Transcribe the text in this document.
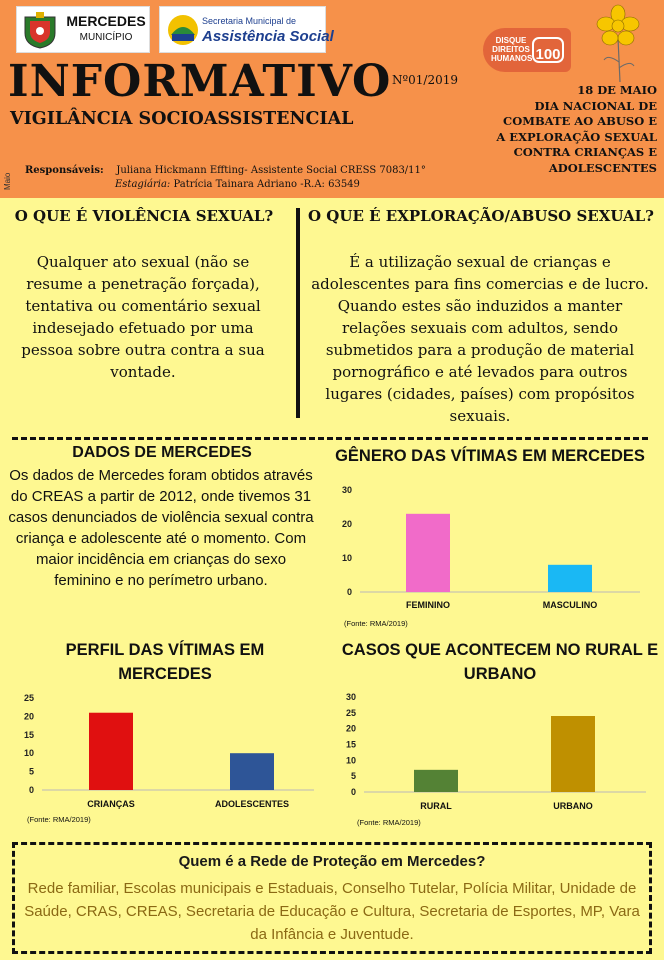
MERCEDES
MUNICÍPIO
Secretaria Municipal de
Assistência Social	DISQUE DIREITOS HUMANOS 100
INFORMATIVO Nº01/2019
VIGILÂNCIA SOCIOASSISTENCIAL
18 DE MAIO
DIA NACIONAL DE
COMBATE AO ABUSO E
A EXPLORAÇÃO SEXUAL
CONTRA CRIANÇAS E
ADOLESCENTES
Responsáveis: Juliana Hickmann Effting- Assistente Social CRESS 7083/11°
Estagiária: Patrícia Tainara Adriano -R.A: 63549
Maio
O QUE É VIOLÊNCIA SEXUAL?
Qualquer ato sexual (não se resume a penetração forçada), tentativa ou comentário sexual indesejado efetuado por uma pessoa sobre outra contra a sua vontade.
O QUE É EXPLORAÇÃO/ABUSO SEXUAL?
É a utilização sexual de crianças e adolescentes para fins comercias e de lucro. Quando estes são induzidos a manter relações sexuais com adultos, sendo submetidos para a produção de material pornográfico e até levados para outros lugares (cidades, países) com propósitos sexuais.
DADOS DE MERCEDES
Os dados de Mercedes foram obtidos através do CREAS a partir de 2012, onde tivemos 31 casos denunciados de violência sexual contra criança e adolescente até o momento. Com maior incidência em crianças do sexo feminino e no perímetro urbano.
GÊNERO DAS VÍTIMAS EM MERCEDES
0
10
20
30
FEMININO	MASCULINO
(Fonte: RMA/2019)
PERFIL DAS VÍTIMAS EM MERCEDES
0
5
10
15
20
25
CRIANÇAS	ADOLESCENTES
(Fonte: RMA/2019)
CASOS QUE ACONTECEM NO RURAL E URBANO
0
5
10
15
20
25
30
RURAL	URBANO
(Fonte: RMA/2019)
Quem é a Rede de Proteção em Mercedes?
Rede familiar, Escolas municipais e Estaduais, Conselho Tutelar, Polícia Militar, Unidade de Saúde, CRAS, CREAS, Secretaria de Educação e Cultura, Secretaria de Esportes, MP, Vara da Infância e Juventude.
